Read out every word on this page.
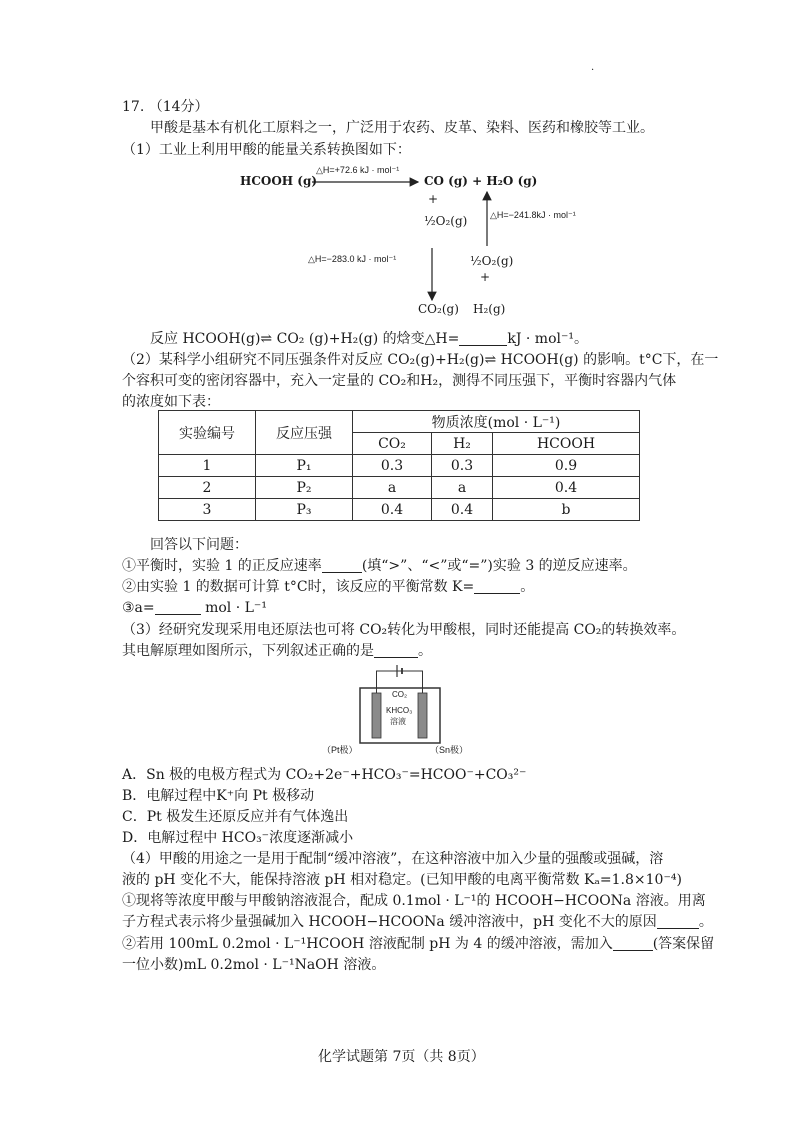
.
17. （14分）
甲酸是基本有机化工原料之一，广泛用于农药、皮革、染料、医药和橡胶等工业。
（1）工业上利用甲酸的能量关系转换图如下：
HCOOH (g)
△H=+72.6 kJ · mol⁻¹
CO (g) + H₂O (g)
+
½O₂(g)	△H=−241.8kJ · mol⁻¹
△H=−283.0 kJ · mol⁻¹	½O₂(g)
+
CO₂(g) H₂(g)
反应 HCOOH(g)⇌ CO₂ (g)+H₂(g) 的焓变△H=	kJ · mol⁻¹。
（2）某科学小组研究不同压强条件对反应 CO₂(g)+H₂(g)⇌ HCOOH(g) 的影响。t°C下，在一
个容积可变的密闭容器中，充入一定量的 CO₂和H₂，测得不同压强下，平衡时容器内气体
的浓度如下表：
实验编号	反应压强	物质浓度(mol · L⁻¹)		
		CO₂	H₂	HCOOH
1	P₁	0.3	0.3	0.9
2	P₂	a	a	0.4
3	P₃	0.4	0.4	b
回答以下问题：
①平衡时，实验 1 的正反应速率	(填“>”、“<”或“=”)实验 3 的逆反应速率。
②由实验 1 的数据可计算 t°C时，该反应的平衡常数 K=	。
③a=	mol · L⁻¹
（3）经研究发现采用电还原法也可将 CO₂转化为甲酸根，同时还能提高 CO₂的转换效率。
其电解原理如图所示，下列叙述正确的是	。
CO₂
KHCO₃
溶液
（Pt极）	（Sn极）
A．Sn 极的电极方程式为 CO₂+2e⁻+HCO₃⁻=HCOO⁻+CO₃²⁻
B．电解过程中K⁺向 Pt 极移动
C．Pt 极发生还原反应并有气体逸出
D．电解过程中 HCO₃⁻浓度逐渐减小
（4）甲酸的用途之一是用于配制“缓冲溶液”，在这种溶液中加入少量的强酸或强碱，溶
液的 pH 变化不大，能保持溶液 pH 相对稳定。(已知甲酸的电离平衡常数 Kₐ=1.8×10⁻⁴)
①现将等浓度甲酸与甲酸钠溶液混合，配成 0.1mol · L⁻¹的 HCOOH−HCOONa 溶液。用离
子方程式表示将少量强碱加入 HCOOH−HCOONa 缓冲溶液中，pH 变化不大的原因	。
②若用 100mL 0.2mol · L⁻¹HCOOH 溶液配制 pH 为 4 的缓冲溶液，需加入	(答案保留
一位小数)mL 0.2mol · L⁻¹NaOH 溶液。
化学试题第 7页（共 8页）
